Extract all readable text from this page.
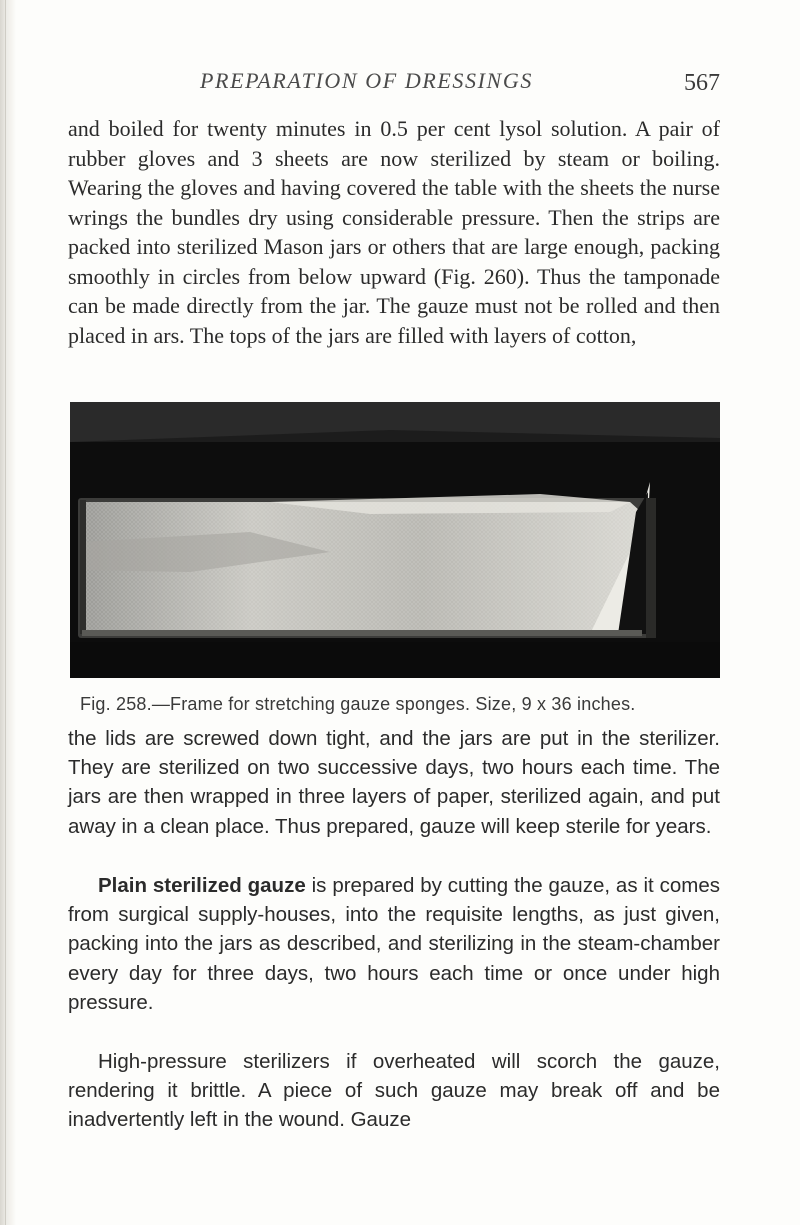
PREPARATION OF DRESSINGS	567

and boiled for twenty minutes in 0.5 per cent lysol solution. A pair of rubber gloves and 3 sheets are now sterilized by steam or boiling. Wearing the gloves and having covered the table with the sheets the nurse wrings the bundles dry using considerable pressure. Then the strips are packed into sterilized Mason jars or others that are large enough, packing smoothly in circles from below upward (Fig. 260). Thus the tamponade can be made directly from the jar. The gauze must not be rolled and then placed in ars. The tops of the jars are filled with layers of cotton,

Fig. 258.—Frame for stretching gauze sponges. Size, 9 x 36 inches.

the lids are screwed down tight, and the jars are put in the sterilizer. They are sterilized on two successive days, two hours each time. The jars are then wrapped in three layers of paper, sterilized again, and put away in a clean place. Thus prepared, gauze will keep sterile for years.

Plain sterilized gauze is prepared by cutting the gauze, as it comes from surgical supply-houses, into the requisite lengths, as just given, packing into the jars as described, and sterilizing in the steam-chamber every day for three days, two hours each time or once under high pressure.

High-pressure sterilizers if overheated will scorch the gauze, rendering it brittle. A piece of such gauze may break off and be inadvertently left in the wound. Gauze
